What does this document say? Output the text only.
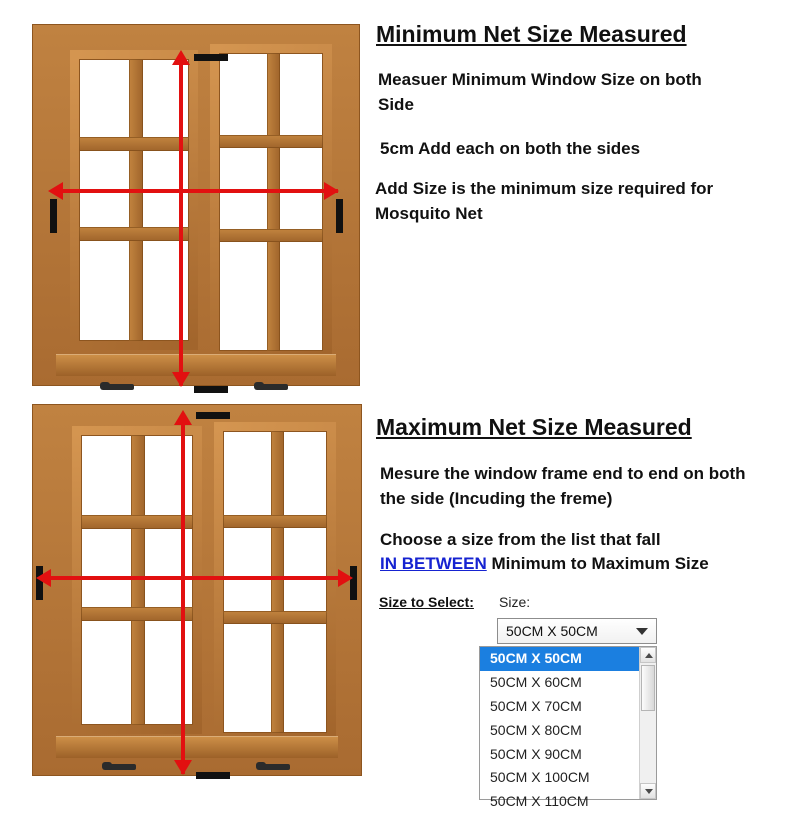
Minimum Net Size Measured
Measuer Minimum Window Size on both Side
5cm Add each on both the sides
Add Size is the minimum size required for Mosquito Net
Maximum Net Size Measured
Mesure the window frame end to end on both the side (Incuding the freme)
Choose a size from the list that fall
IN BETWEEN Minimum to Maximum Size
Size to Select: Size:
50CM X 50CM
50CM X 50CM
50CM X 60CM
50CM X 70CM
50CM X 80CM
50CM X 90CM
50CM X 100CM
50CM X 110CM
